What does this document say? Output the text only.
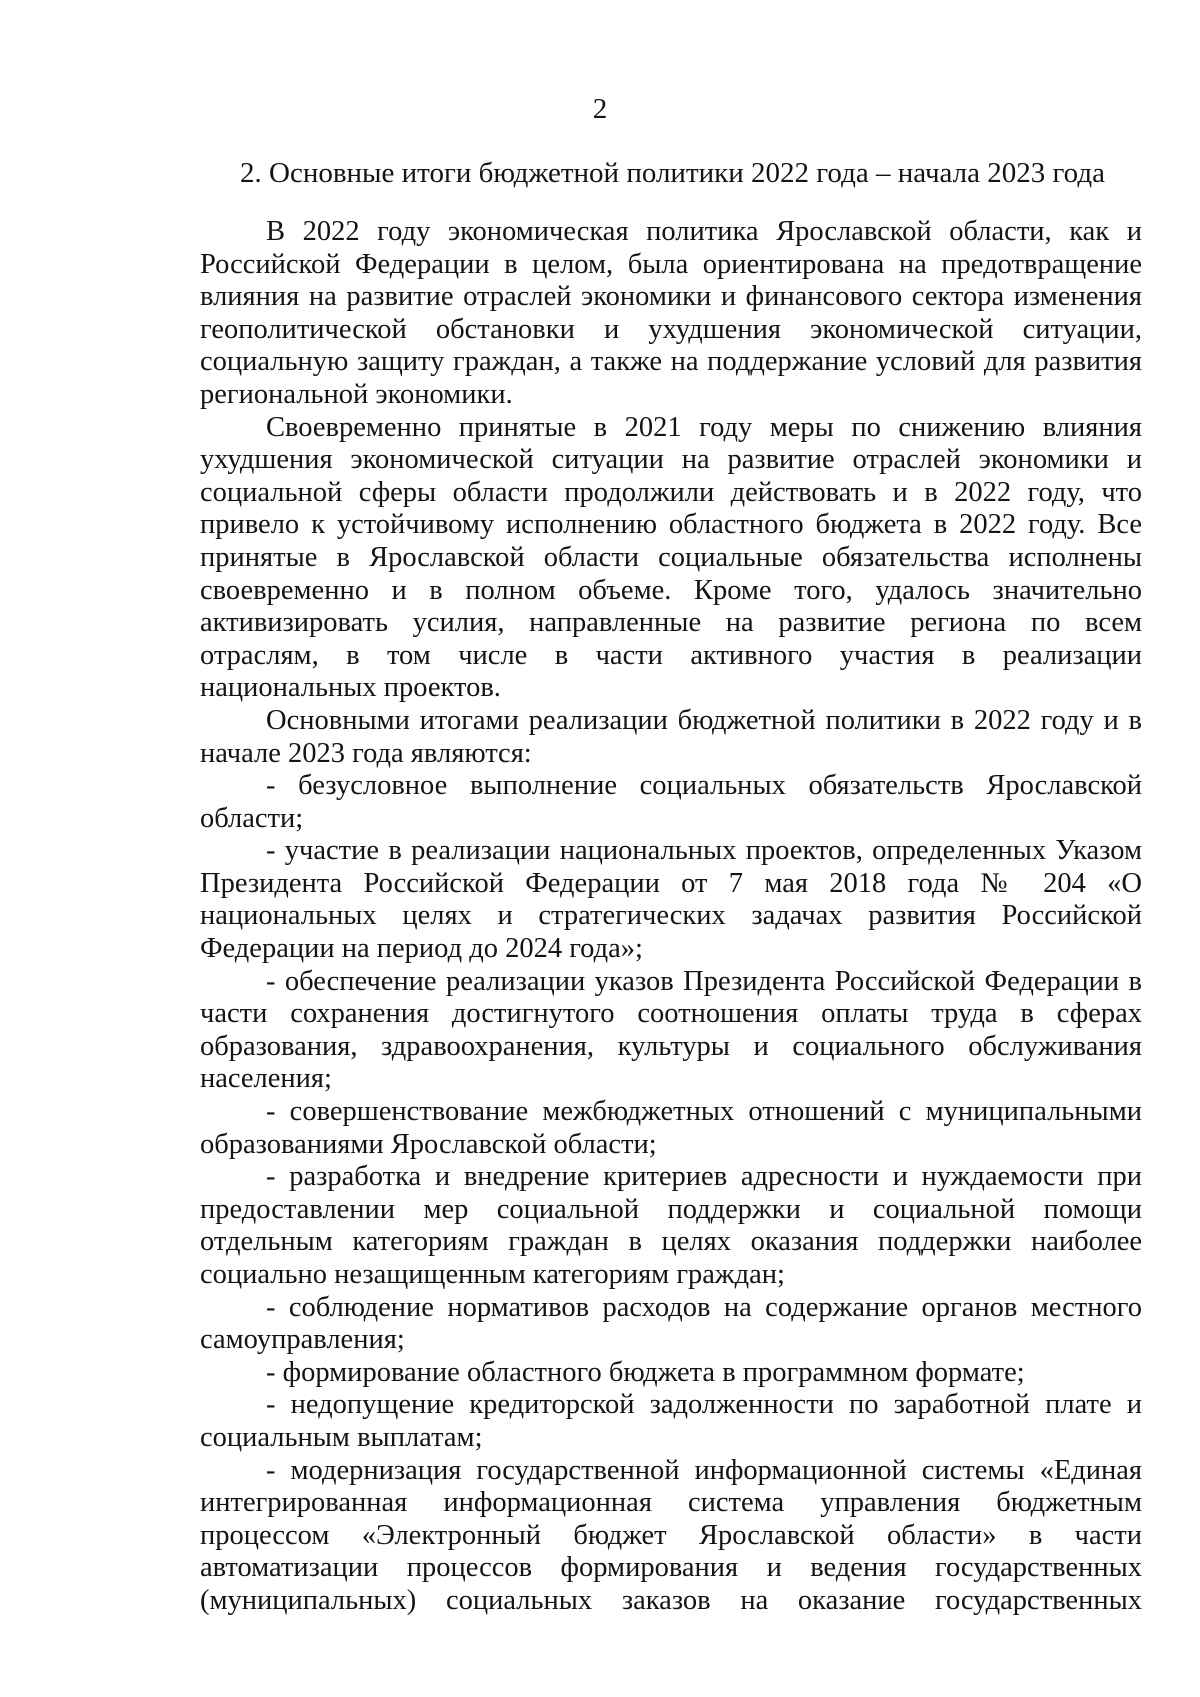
2
2. Основные итоги бюджетной политики 2022 года – начала 2023 года

В 2022 году экономическая политика Ярославской области, как и Российской Федерации в целом, была ориентирована на предотвращение влияния на развитие отраслей экономики и финансового сектора изменения геополитической обстановки и ухудшения экономической ситуации, социальную защиту граждан, а также на поддержание условий для развития региональной экономики.

Своевременно принятые в 2021 году меры по снижению влияния ухудшения экономической ситуации на развитие отраслей экономики и социальной сферы области продолжили действовать и в 2022 году, что привело к устойчивому исполнению областного бюджета в 2022 году. Все принятые в Ярославской области социальные обязательства исполнены своевременно и в полном объеме. Кроме того, удалось значительно активизировать усилия, направленные на развитие региона по всем отраслям, в том числе в части активного участия в реализации национальных проектов.

Основными итогами реализации бюджетной политики в 2022 году и в начале 2023 года являются:

- безусловное выполнение социальных обязательств Ярославской области;

- участие в реализации национальных проектов, определенных Указом Президента Российской Федерации от 7 мая 2018 года № 204 «О национальных целях и стратегических задачах развития Российской Федерации на период до 2024 года»;

- обеспечение реализации указов Президента Российской Федерации в части сохранения достигнутого соотношения оплаты труда в сферах образования, здравоохранения, культуры и социального обслуживания населения;

- совершенствование межбюджетных отношений с муниципальными образованиями Ярославской области;

- разработка и внедрение критериев адресности и нуждаемости при предоставлении мер социальной поддержки и социальной помощи отдельным категориям граждан в целях оказания поддержки наиболее социально незащищенным категориям граждан;

- соблюдение нормативов расходов на содержание органов местного самоуправления;

- формирование областного бюджета в программном формате;

- недопущение кредиторской задолженности по заработной плате и социальным выплатам;

- модернизация государственной информационной системы «Единая интегрированная информационная система управления бюджетным процессом «Электронный бюджет Ярославской области» в части автоматизации процессов формирования и ведения государственных (муниципальных) социальных заказов на оказание государственных
